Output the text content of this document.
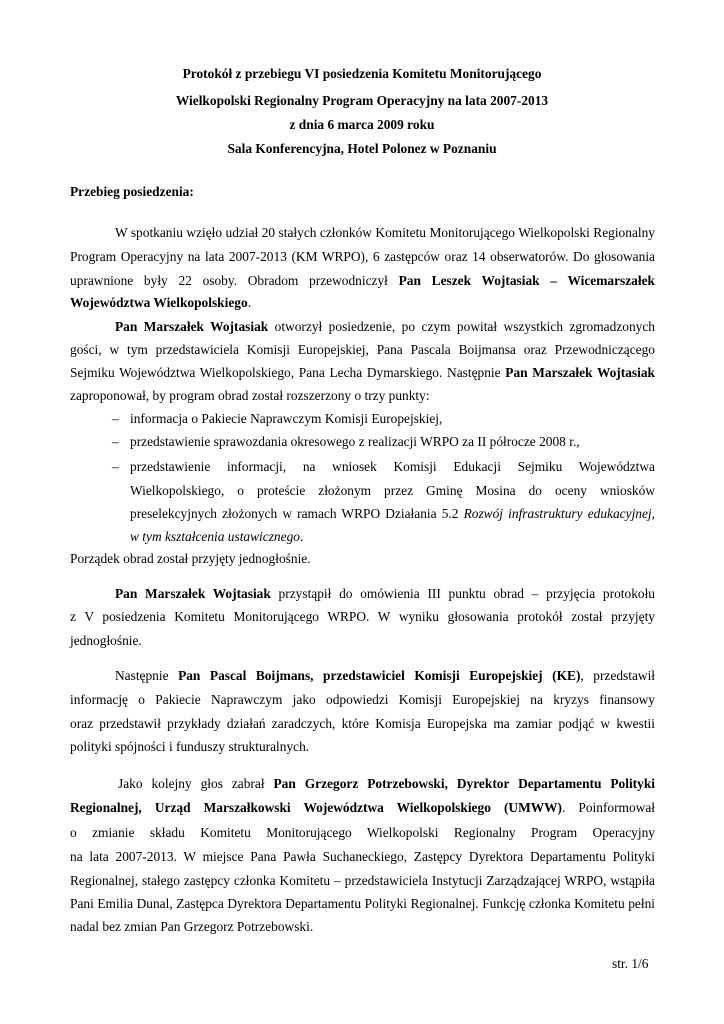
Protokół z przebiegu VI posiedzenia Komitetu Monitorującego
Wielkopolski Regionalny Program Operacyjny na lata 2007-2013
z dnia 6 marca 2009 roku
Sala Konferencyjna, Hotel Polonez w Poznaniu
Przebieg posiedzenia:
W spotkaniu wzięło udział 20 stałych członków Komitetu Monitorującego Wielkopolski Regionalny
Program Operacyjny na lata 2007-2013 (KM WRPO), 6 zastępców oraz 14 obserwatorów. Do głosowania
uprawnione były 22 osoby. Obradom przewodniczył Pan Leszek Wojtasiak – Wicemarszałek
Województwa Wielkopolskiego.
Pan Marszałek Wojtasiak otworzył posiedzenie, po czym powitał wszystkich zgromadzonych
gości, w tym przedstawiciela Komisji Europejskiej, Pana Pascala Boijmansa oraz Przewodniczącego
Sejmiku Województwa Wielkopolskiego, Pana Lecha Dymarskiego. Następnie Pan Marszałek Wojtasiak
zaproponował, by program obrad został rozszerzony o trzy punkty:
– informacja o Pakiecie Naprawczym Komisji Europejskiej,
– przedstawienie sprawozdania okresowego z realizacji WRPO za II półrocze 2008 r.,
– przedstawienie informacji, na wniosek Komisji Edukacji Sejmiku Województwa
Wielkopolskiego, o proteście złożonym przez Gminę Mosina do oceny wniosków
preselekcyjnych złożonych w ramach WRPO Działania 5.2 Rozwój infrastruktury edukacyjnej,
w tym kształcenia ustawicznego.
Porządek obrad został przyjęty jednogłośnie.
Pan Marszałek Wojtasiak przystąpił do omówienia III punktu obrad – przyjęcia protokołu
z V posiedzenia Komitetu Monitorującego WRPO. W wyniku głosowania protokół został przyjęty
jednogłośnie.
Następnie Pan Pascal Boijmans, przedstawiciel Komisji Europejskiej (KE), przedstawił
informację o Pakiecie Naprawczym jako odpowiedzi Komisji Europejskiej na kryzys finansowy
oraz przedstawił przykłady działań zaradczych, które Komisja Europejska ma zamiar podjąć w kwestii
polityki spójności i funduszy strukturalnych.
Jako kolejny głos zabrał Pan Grzegorz Potrzebowski, Dyrektor Departamentu Polityki
Regionalnej, Urząd Marszałkowski Województwa Wielkopolskiego (UMWW). Poinformował
o zmianie składu Komitetu Monitorującego Wielkopolski Regionalny Program Operacyjny
na lata 2007-2013. W miejsce Pana Pawła Suchaneckiego, Zastępcy Dyrektora Departamentu Polityki
Regionalnej, stałego zastępcy członka Komitetu – przedstawiciela Instytucji Zarządzającej WRPO, wstąpiła
Pani Emilia Dunal, Zastępca Dyrektora Departamentu Polityki Regionalnej. Funkcję członka Komitetu pełni
nadal bez zmian Pan Grzegorz Potrzebowski.
str. 1/6
